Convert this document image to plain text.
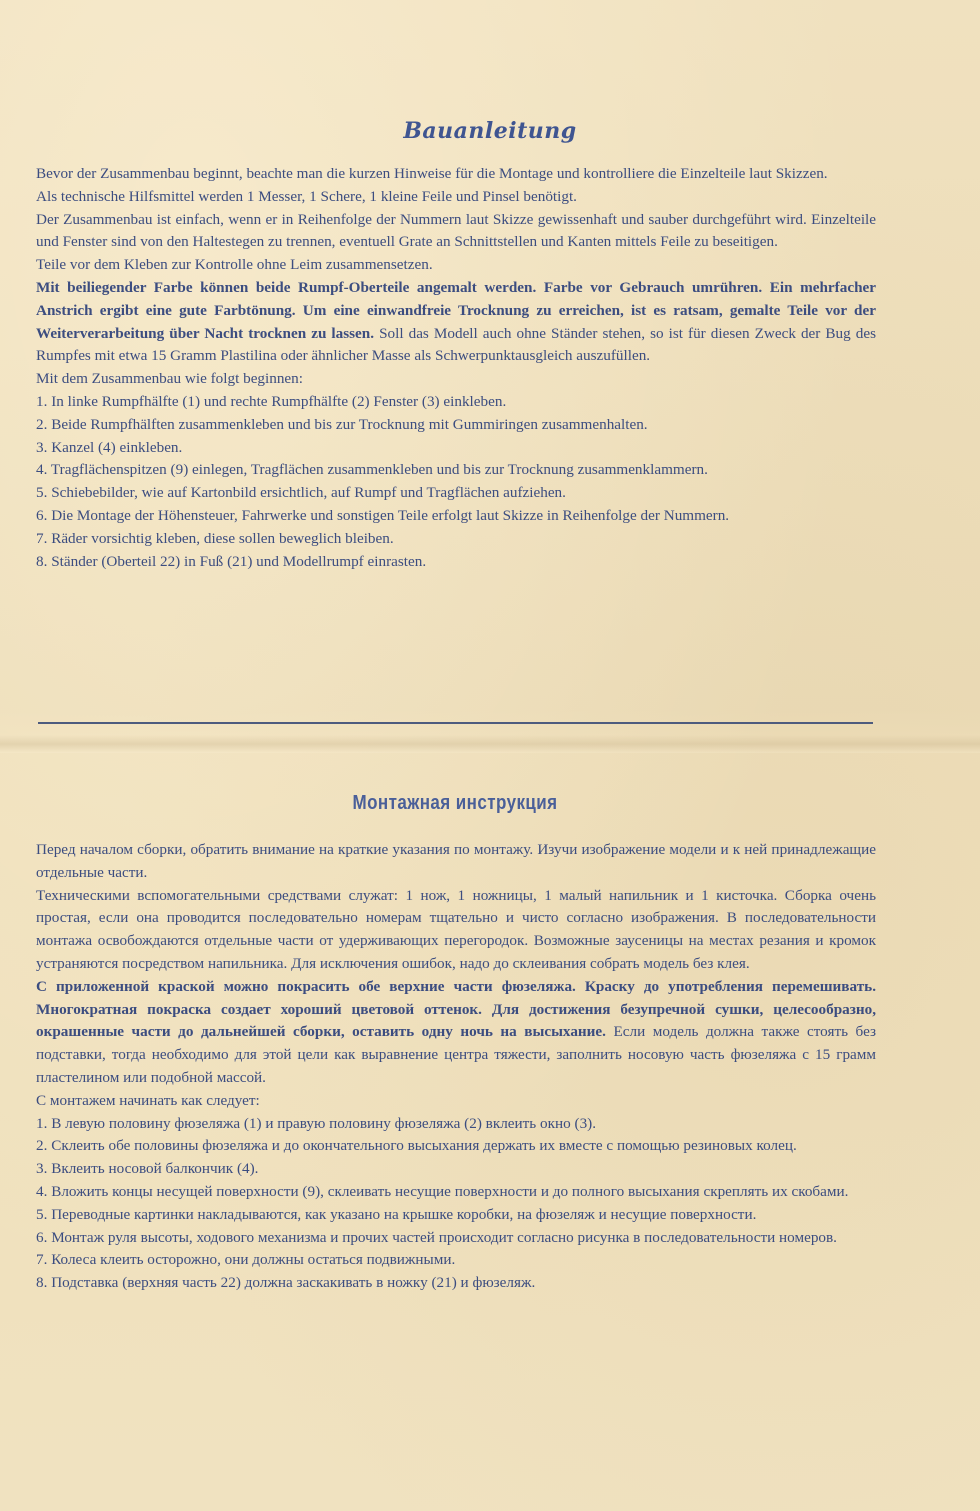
Bauanleitung

Bevor der Zusammenbau beginnt, beachte man die kurzen Hinweise für die Montage und kontrolliere die Einzelteile laut Skizzen.

Als technische Hilfsmittel werden 1 Messer, 1 Schere, 1 kleine Feile und Pinsel benötigt.

Der Zusammenbau ist einfach, wenn er in Reihenfolge der Nummern laut Skizze gewissenhaft und sauber durchgeführt wird. Einzelteile und Fenster sind von den Haltestegen zu trennen, eventuell Grate an Schnittstellen und Kanten mittels Feile zu beseitigen.

Teile vor dem Kleben zur Kontrolle ohne Leim zusammensetzen.

Mit beiliegender Farbe können beide Rumpf-Oberteile angemalt werden. Farbe vor Gebrauch umrühren. Ein mehrfacher Anstrich ergibt eine gute Farbtönung. Um eine einwandfreie Trocknung zu erreichen, ist es ratsam, gemalte Teile vor der Weiterverarbeitung über Nacht trocknen zu lassen. Soll das Modell auch ohne Ständer stehen, so ist für diesen Zweck der Bug des Rumpfes mit etwa 15 Gramm Plastilina oder ähnlicher Masse als Schwerpunktausgleich auszufüllen.

Mit dem Zusammenbau wie folgt beginnen:

1. In linke Rumpfhälfte (1) und rechte Rumpfhälfte (2) Fenster (3) einkleben.
2. Beide Rumpfhälften zusammenkleben und bis zur Trocknung mit Gummiringen zusammenhalten.
3. Kanzel (4) einkleben.
4. Tragflächenspitzen (9) einlegen, Tragflächen zusammenkleben und bis zur Trocknung zusammenklammern.
5. Schiebebilder, wie auf Kartonbild ersichtlich, auf Rumpf und Tragflächen aufziehen.
6. Die Montage der Höhensteuer, Fahrwerke und sonstigen Teile erfolgt laut Skizze in Reihenfolge der Nummern.
7. Räder vorsichtig kleben, diese sollen beweglich bleiben.
8. Ständer (Oberteil 22) in Fuß (21) und Modellrumpf einrasten.
Монтажная инструкция

Перед началом сборки, обратить внимание на краткие указания по монтажу. Изучи изображение модели и к ней принадлежащие отдельные части.

Техническими вспомогательными средствами служат: 1 нож, 1 ножницы, 1 малый напильник и 1 кисточка. Сборка очень простая, если она проводится последовательно номерам тщательно и чисто согласно изображения. В последовательности монтажа освобождаются отдельные части от удерживающих перегородок. Возможные заусеницы на местах резания и кромок устраняются посредством напильника. Для исключения ошибок, надо до склеивания собрать модель без клея.

С приложенной краской можно покрасить обе верхние части фюзеляжа. Краску до употребления перемешивать. Многократная покраска создает хороший цветовой оттенок. Для достижения безупречной сушки, целесообразно, окрашенные части до дальнейшей сборки, оставить одну ночь на высыхание. Если модель должна также стоять без подставки, тогда необходимо для этой цели как выравнение центра тяжести, заполнить носовую часть фюзеляжа с 15 грамм пластелином или подобной массой.

С монтажем начинать как следует:

1. В левую половину фюзеляжа (1) и правую половину фюзеляжа (2) вклеить окно (3).
2. Склеить обе половины фюзеляжа и до окончательного высыхания держать их вместе с помощью резиновых колец.
3. Вклеить носовой балкончик (4).
4. Вложить концы несущей поверхности (9), склеивать несущие поверхности и до полного высыхания скреплять их скобами.
5. Переводные картинки накладываются, как указано на крышке коробки, на фюзеляж и несущие поверхности.
6. Монтаж руля высоты, ходового механизма и прочих частей происходит согласно рисунка в последовательности номеров.
7. Колеса клеить осторожно, они должны остаться подвижными.
8. Подставка (верхняя часть 22) должна заскакивать в ножку (21) и фюзеляж.
